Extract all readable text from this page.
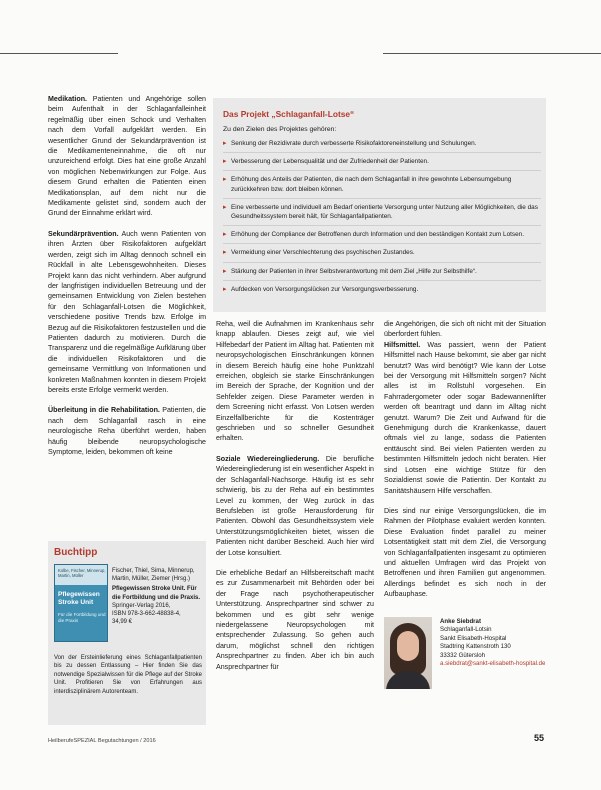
Medikation. Patienten und Angehörige sollen beim Aufenthalt in der Schlaganfalleinheit regelmäßig über einen Schock und Verhalten nach dem Vorfall aufgeklärt werden. Ein wesentlicher Grund der Sekundärprävention ist die Medikamenteneinnahme, die oft nur unzureichend erfolgt. Dies hat eine große Anzahl von möglichen Nebenwirkungen zur Folge. Aus diesem Grund erhalten die Patienten einen Medikationsplan, auf dem nicht nur die Medikamente gelistet sind, sondern auch der Grund der Einnahme erklärt wird.

Sekundärprävention. Auch wenn Patienten von ihren Ärzten über Risikofaktoren aufgeklärt werden, zeigt sich im Alltag dennoch schnell ein Rückfall in alte Lebensgewohnheiten. Dieses Projekt kann das nicht verhindern. Aber aufgrund der langfristigen individuellen Betreuung und der gemeinsamen Entwicklung von Zielen bestehen für den Schlaganfall-Lotsen die Möglichkeit, verschiedene positive Trends bzw. Erfolge im Bezug auf die Risikofaktoren festzustellen und die Patienten dadurch zu motivieren. Durch die Transparenz und die regelmäßige Aufklärung über die individuellen Risikofaktoren und die gemeinsame Vermittlung von Informationen und konkreten Maßnahmen konnten in diesem Projekt bereits erste Erfolge vermerkt werden.

Überleitung in die Rehabilitation. Patienten, die nach dem Schlaganfall rasch in eine neurologische Reha überführt werden, haben häufig bleibende neuropsychologische Symptome, leiden, bekommen oft keine

Das Projekt „Schlaganfall-Lotse“
Zu den Zielen des Projektes gehören:
▸ Senkung der Rezidivrate durch verbesserte Risikofaktoreneinstellung und Schulungen.
▸ Verbesserung der Lebensqualität und der Zufriedenheit der Patienten.
▸ Erhöhung des Anteils der Patienten, die nach dem Schlaganfall in ihre gewohnte Lebensumgebung zurückkehren bzw. dort bleiben können.
▸ Eine verbesserte und individuell am Bedarf orientierte Versorgung unter Nutzung aller Möglichkeiten, die das Gesundheitssystem bereit hält, für Schlaganfallpatienten.
▸ Erhöhung der Compliance der Betroffenen durch Information und den beständigen Kontakt zum Lotsen.
▸ Vermeidung einer Verschlechterung des psychischen Zustandes.
▸ Stärkung der Patienten in ihrer Selbstverantwortung mit dem Ziel „Hilfe zur Selbsthilfe“.
▸ Aufdecken von Versorgungslücken zur Versorgungsverbesserung.
Buchtipp
Kolbe, Fischer, Minnerup, Martin, Müller
Pflegewissen Stroke Unit
Für die Fortbildung und die Praxis
Fischer, Thiel, Sima, Minnerup, Martin, Müller, Ziemer (Hrsg.)
Pflegewissen Stroke Unit. Für die Fortbildung und die Praxis.
Springer-Verlag 2016,
ISBN 978-3-662-48838-4,
34,99 €
Von der Ersteinlieferung eines Schlaganfallpatienten bis zu dessen Entlassung – Hier finden Sie das notwendige Spezialwissen für die Pflege auf der Stroke Unit. Profitieren Sie von Erfahrungen aus interdisziplinärem Autorenteam.

Reha, weil die Aufnahmen im Krankenhaus sehr knapp ablaufen. Dieses zeigt auf, wie viel Hilfebedarf der Patient im Alltag hat. Patienten mit neuropsychologischen Einschränkungen können in diesem Bereich häufig eine hohe Punktzahl erreichen, obgleich sie starke Einschränkungen im Bereich der Sprache, der Kognition und der Sehfelder zeigen. Diese Parameter werden in dem Screening nicht erfasst. Von Lotsen werden Einzelfallberichte für die Kostenträger geschrieben und so schneller Gesundheit erhalten.

Soziale Wiedereingliederung. Die berufliche Wiedereingliederung ist ein wesentlicher Aspekt in der Schlaganfall-Nachsorge. Häufig ist es sehr schwierig, bis zu der Reha auf ein bestimmtes Level zu kommen, der Weg zurück in das Berufsleben ist große Herausforderung für Patienten. Obwohl das Gesundheitssystem viele Unterstützungsmöglichkeiten bietet, wissen die Patienten nicht darüber Bescheid. Auch hier wird der Lotse konsultiert.

Die erhebliche Bedarf an Hilfsbereitschaft macht es zur Zusammenarbeit mit Behörden oder bei der Frage nach psychotherapeutischer Unterstützung. Ansprechpartner sind schwer zu bekommen und es gibt sehr wenige niedergelassene Neuropsychologen mit entsprechender Zulassung. So gehen auch darum, möglichst schnell den richtigen Ansprechpartner zu finden. Aber ich bin auch Ansprechpartner für

die Angehörigen, die sich oft nicht mit der Situation überfordert fühlen.

Hilfsmittel. Was passiert, wenn der Patient Hilfsmittel nach Hause bekommt, sie aber gar nicht benutzt? Was wird benötigt? Wie kann der Lotse bei der Versorgung mit Hilfsmitteln sorgen? Nicht alles ist im Rollstuhl vorgesehen. Ein Fahrradergometer oder sogar Badewannenlifter werden oft beantragt und dann im Alltag nicht genutzt. Warum? Die Zeit und Aufwand für die Genehmigung durch die Krankenkasse, dauert oftmals viel zu lange, sodass die Patienten enttäuscht sind. Bei vielen Patienten werden zu bestimmten Hilfsmitteln jedoch nicht beraten. Hier sind Lotsen eine wichtige Stütze für den Sozialdienst sowie die Patientin. Der Kontakt zu Sanitätshäusern Hilfe verschaffen.

Dies sind nur einige Versorgungslücken, die im Rahmen der Pilotphase evaluiert werden konnten. Diese Evaluation findet parallel zu meiner Lotsentätigkeit statt mit dem Ziel, die Versorgung von Schlaganfallpatienten insgesamt zu optimieren und aktuellen Umfragen wird das Projekt von Betroffenen und ihren Familien gut angenommen. Allerdings befindet es sich noch in der Aufbauphase.

Anke Siebdrat
Schlaganfall-Lotsin
Sankt Elisabeth-Hospital
Stadtring Kattenstroth 130
33332 Gütersloh
a.siebdrat@sankt-elisabeth-hospital.de
HeilberufeSPEZIAL Begutachtungen / 2016	55
